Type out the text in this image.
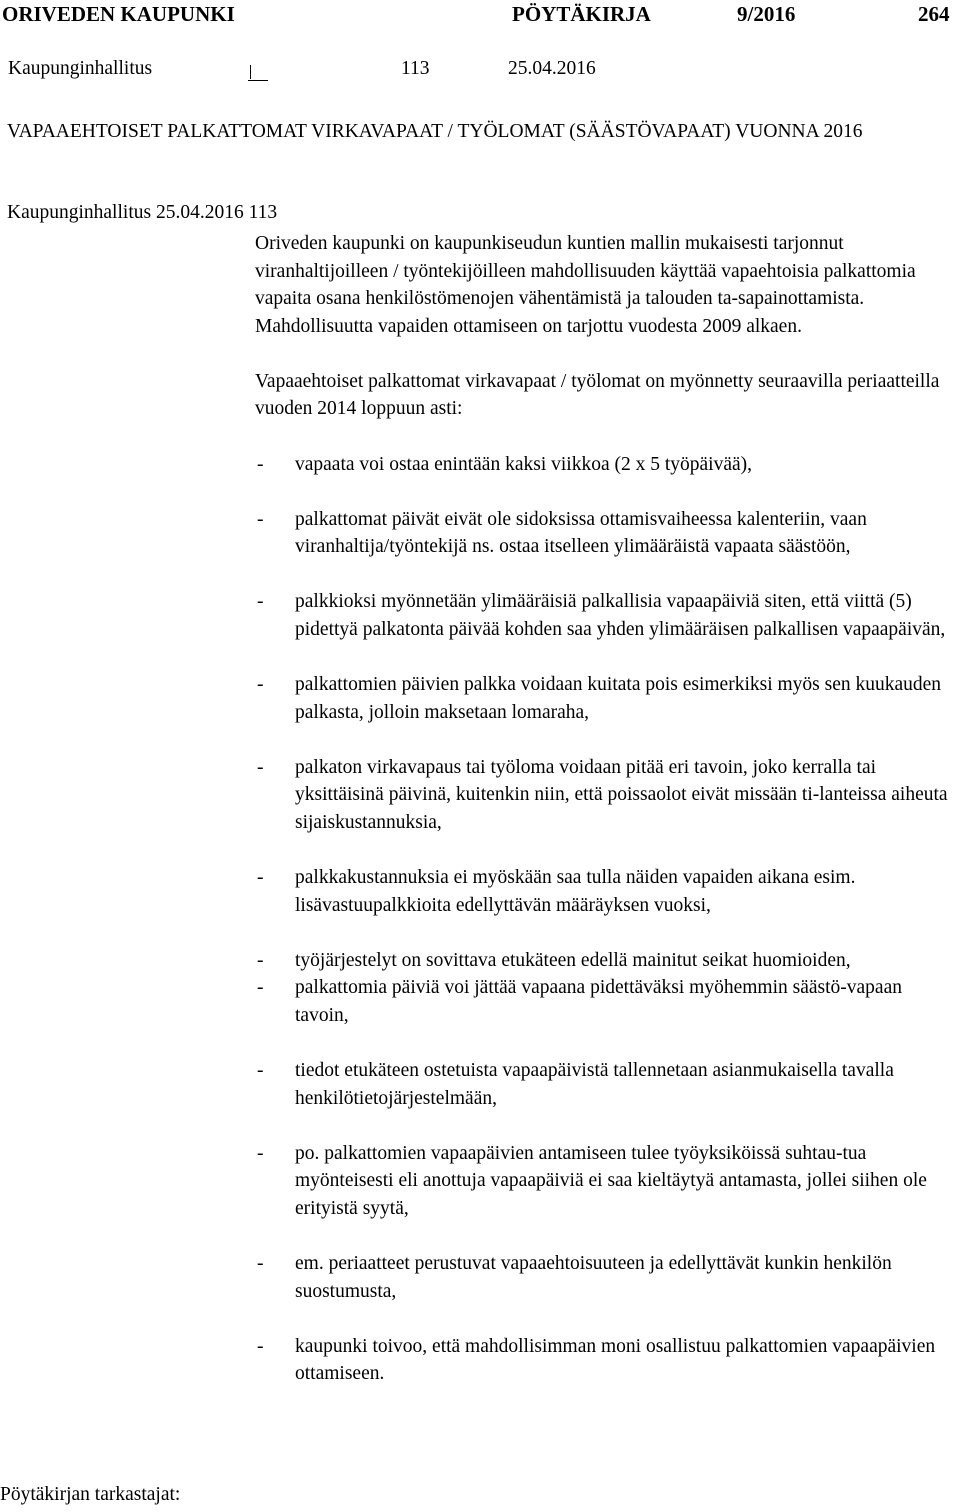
ORIVEDEN KAUPUNKI	PÖYTÄKIRJA	9/2016	264
Kaupunginhallitus	113	25.04.2016
VAPAAEHTOISET PALKATTOMAT VIRKAVAPAAT / TYÖLOMAT (SÄÄSTÖVAPAAT) VUONNA 2016
Kaupunginhallitus 25.04.2016 113

Oriveden kaupunki on kaupunkiseudun kuntien mallin mukaisesti tarjonnut viranhaltijoilleen / työntekijöilleen mahdollisuuden käyttää vapaehtoisia palkattomia vapaita osana henkilöstömenojen vähentämistä ja talouden ta-sapainottamista. Mahdollisuutta vapaiden ottamiseen on tarjottu vuodesta 2009 alkaen.

Vapaaehtoiset palkattomat virkavapaat / työlomat on myönnetty seuraavilla periaatteilla vuoden 2014 loppuun asti:

- vapaata voi ostaa enintään kaksi viikkoa (2 x 5 työpäivää),
- palkattomat päivät eivät ole sidoksissa ottamisvaiheessa kalenteriin, vaan viranhaltija/työntekijä ns. ostaa itselleen ylimääräistä vapaata säästöön,
- palkkioksi myönnetään ylimääräisiä palkallisia vapaapäiviä siten, että viittä (5) pidettyä palkatonta päivää kohden saa yhden ylimääräisen palkallisen vapaapäivän,
- palkattomien päivien palkka voidaan kuitata pois esimerkiksi myös sen kuukauden palkasta, jolloin maksetaan lomaraha,
- palkaton virkavapaus tai työloma voidaan pitää eri tavoin, joko kerralla tai yksittäisinä päivinä, kuitenkin niin, että poissaolot eivät missään ti-lanteissa aiheuta sijaiskustannuksia,
- palkkakustannuksia ei myöskään saa tulla näiden vapaiden aikana esim. lisävastuupalkkioita edellyttävän määräyksen vuoksi,
- työjärjestelyt on sovittava etukäteen edellä mainitut seikat huomioiden,
- palkattomia päiviä voi jättää vapaana pidettäväksi myöhemmin säästö-vapaan tavoin,
- tiedot etukäteen ostetuista vapaapäivistä tallennetaan asianmukaisella tavalla henkilötietojärjestelmään,
- po. palkattomien vapaapäivien antamiseen tulee työyksiköissä suhtau-tua myönteisesti eli anottuja vapaapäiviä ei saa kieltäytyä antamasta, jollei siihen ole erityistä syytä,
- em. periaatteet perustuvat vapaaehtoisuuteen ja edellyttävät kunkin henkilön suostumusta,
- kaupunki toivoo, että mahdollisimman moni osallistuu palkattomien vapaapäivien ottamiseen.
Pöytäkirjan tarkastajat:
